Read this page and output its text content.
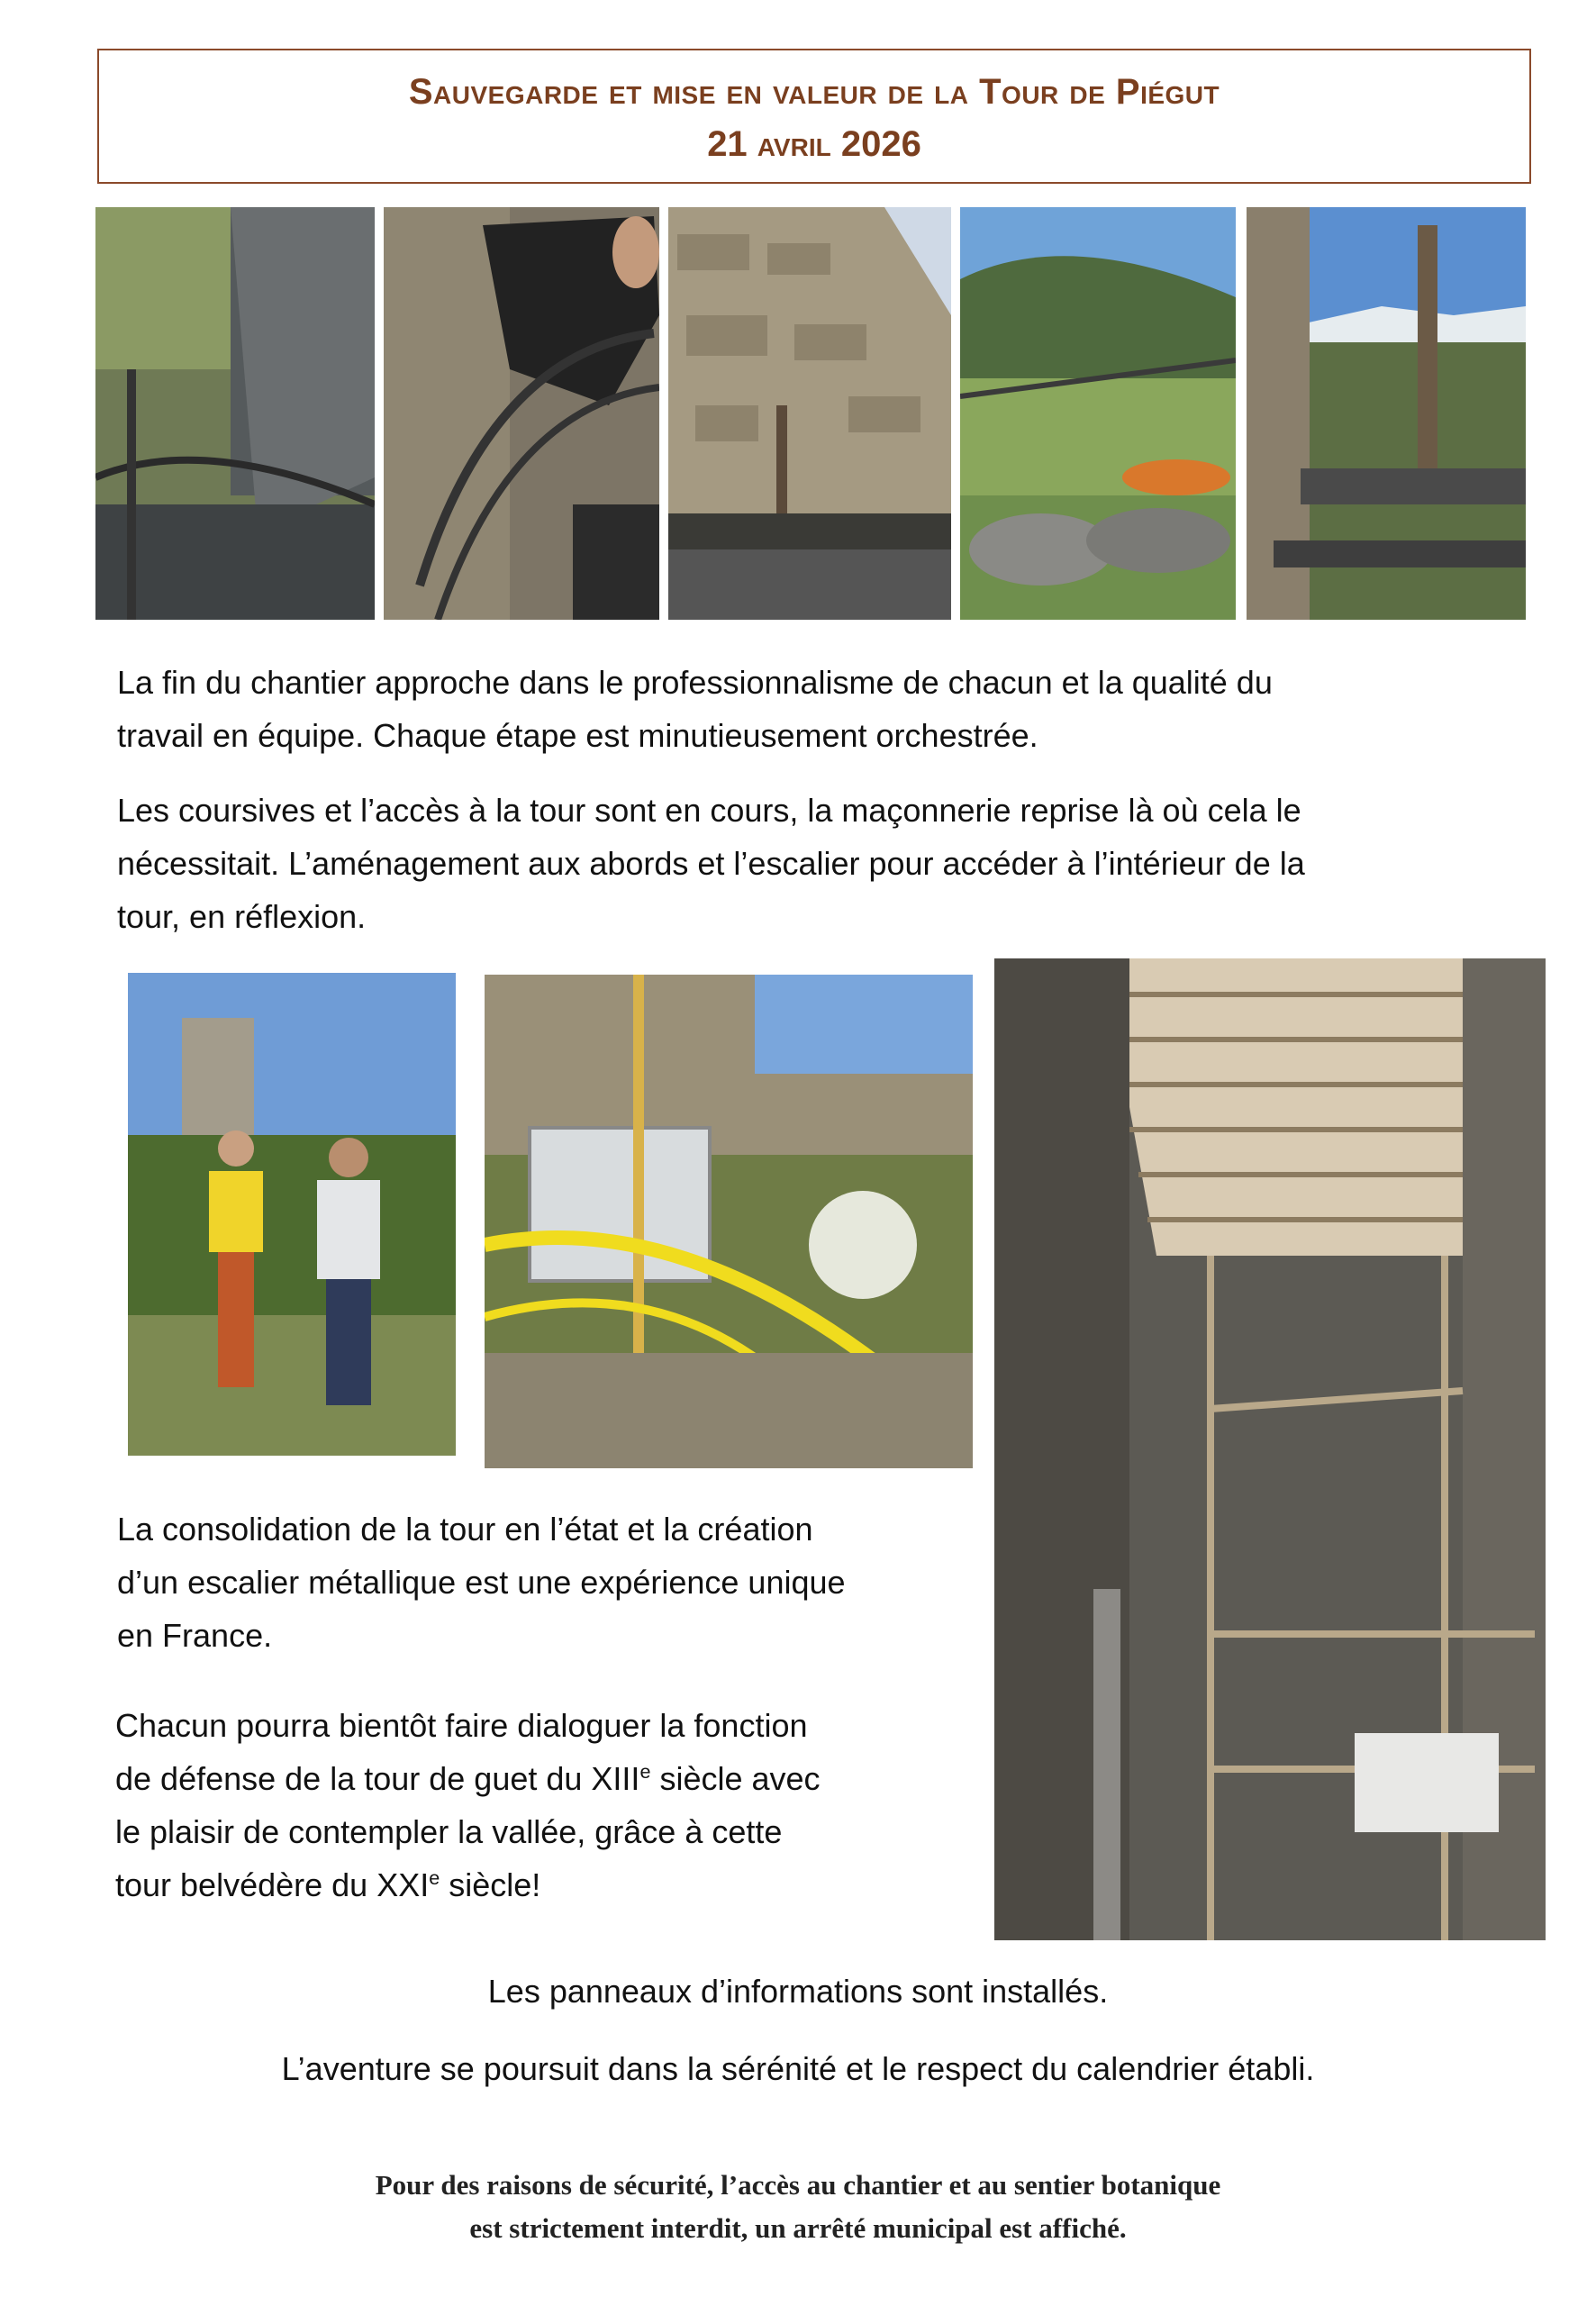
Sauvegarde et mise en valeur de la Tour de Piégut
21 avril 2026
La fin du chantier approche dans le professionnalisme de chacun et la qualité du
travail en équipe. Chaque étape est minutieusement orchestrée.
Les coursives et l’accès à la tour sont en cours, la maçonnerie reprise là où cela le
nécessitait. L’aménagement aux abords et l’escalier pour accéder à l’intérieur de la
tour, en réflexion.
La consolidation de la tour en l’état et la création
d’un escalier métallique est une expérience unique
en France.
Chacun pourra bientôt faire dialoguer la fonction
de défense de la tour de guet du XIIIe siècle avec
le plaisir de contempler la vallée, grâce à cette
tour belvédère du XXIe siècle!
Les panneaux d’informations sont installés.
L’aventure se poursuit dans la sérénité et le respect du calendrier établi.
Pour des raisons de sécurité, l’accès au chantier et au sentier botanique
est strictement interdit, un arrêté municipal est affiché.
